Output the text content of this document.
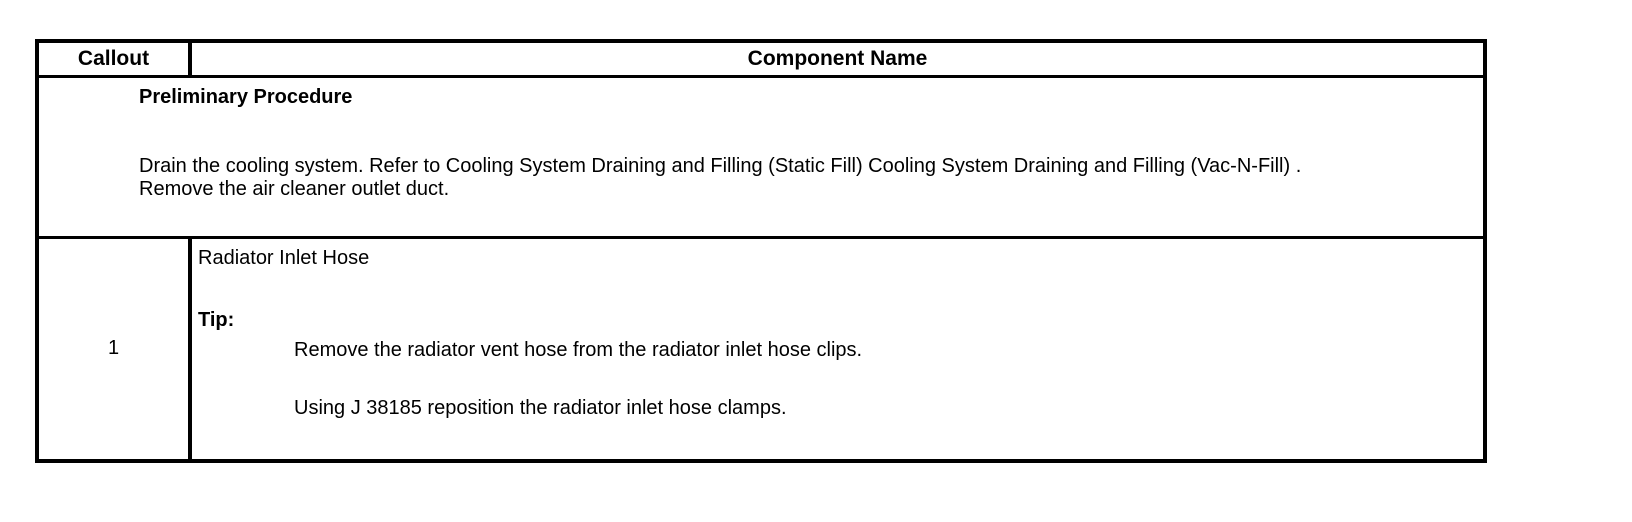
Callout	Component Name

Preliminary Procedure
Drain the cooling system. Refer to Cooling System Draining and Filling (Static Fill) Cooling System Draining and Filling (Vac-N-Fill) .
Remove the air cleaner outlet duct.	

1	Radiator Inlet Hose
Tip:
Remove the radiator vent hose from the radiator inlet hose clips.
Using J 38185 reposition the radiator inlet hose clamps.
